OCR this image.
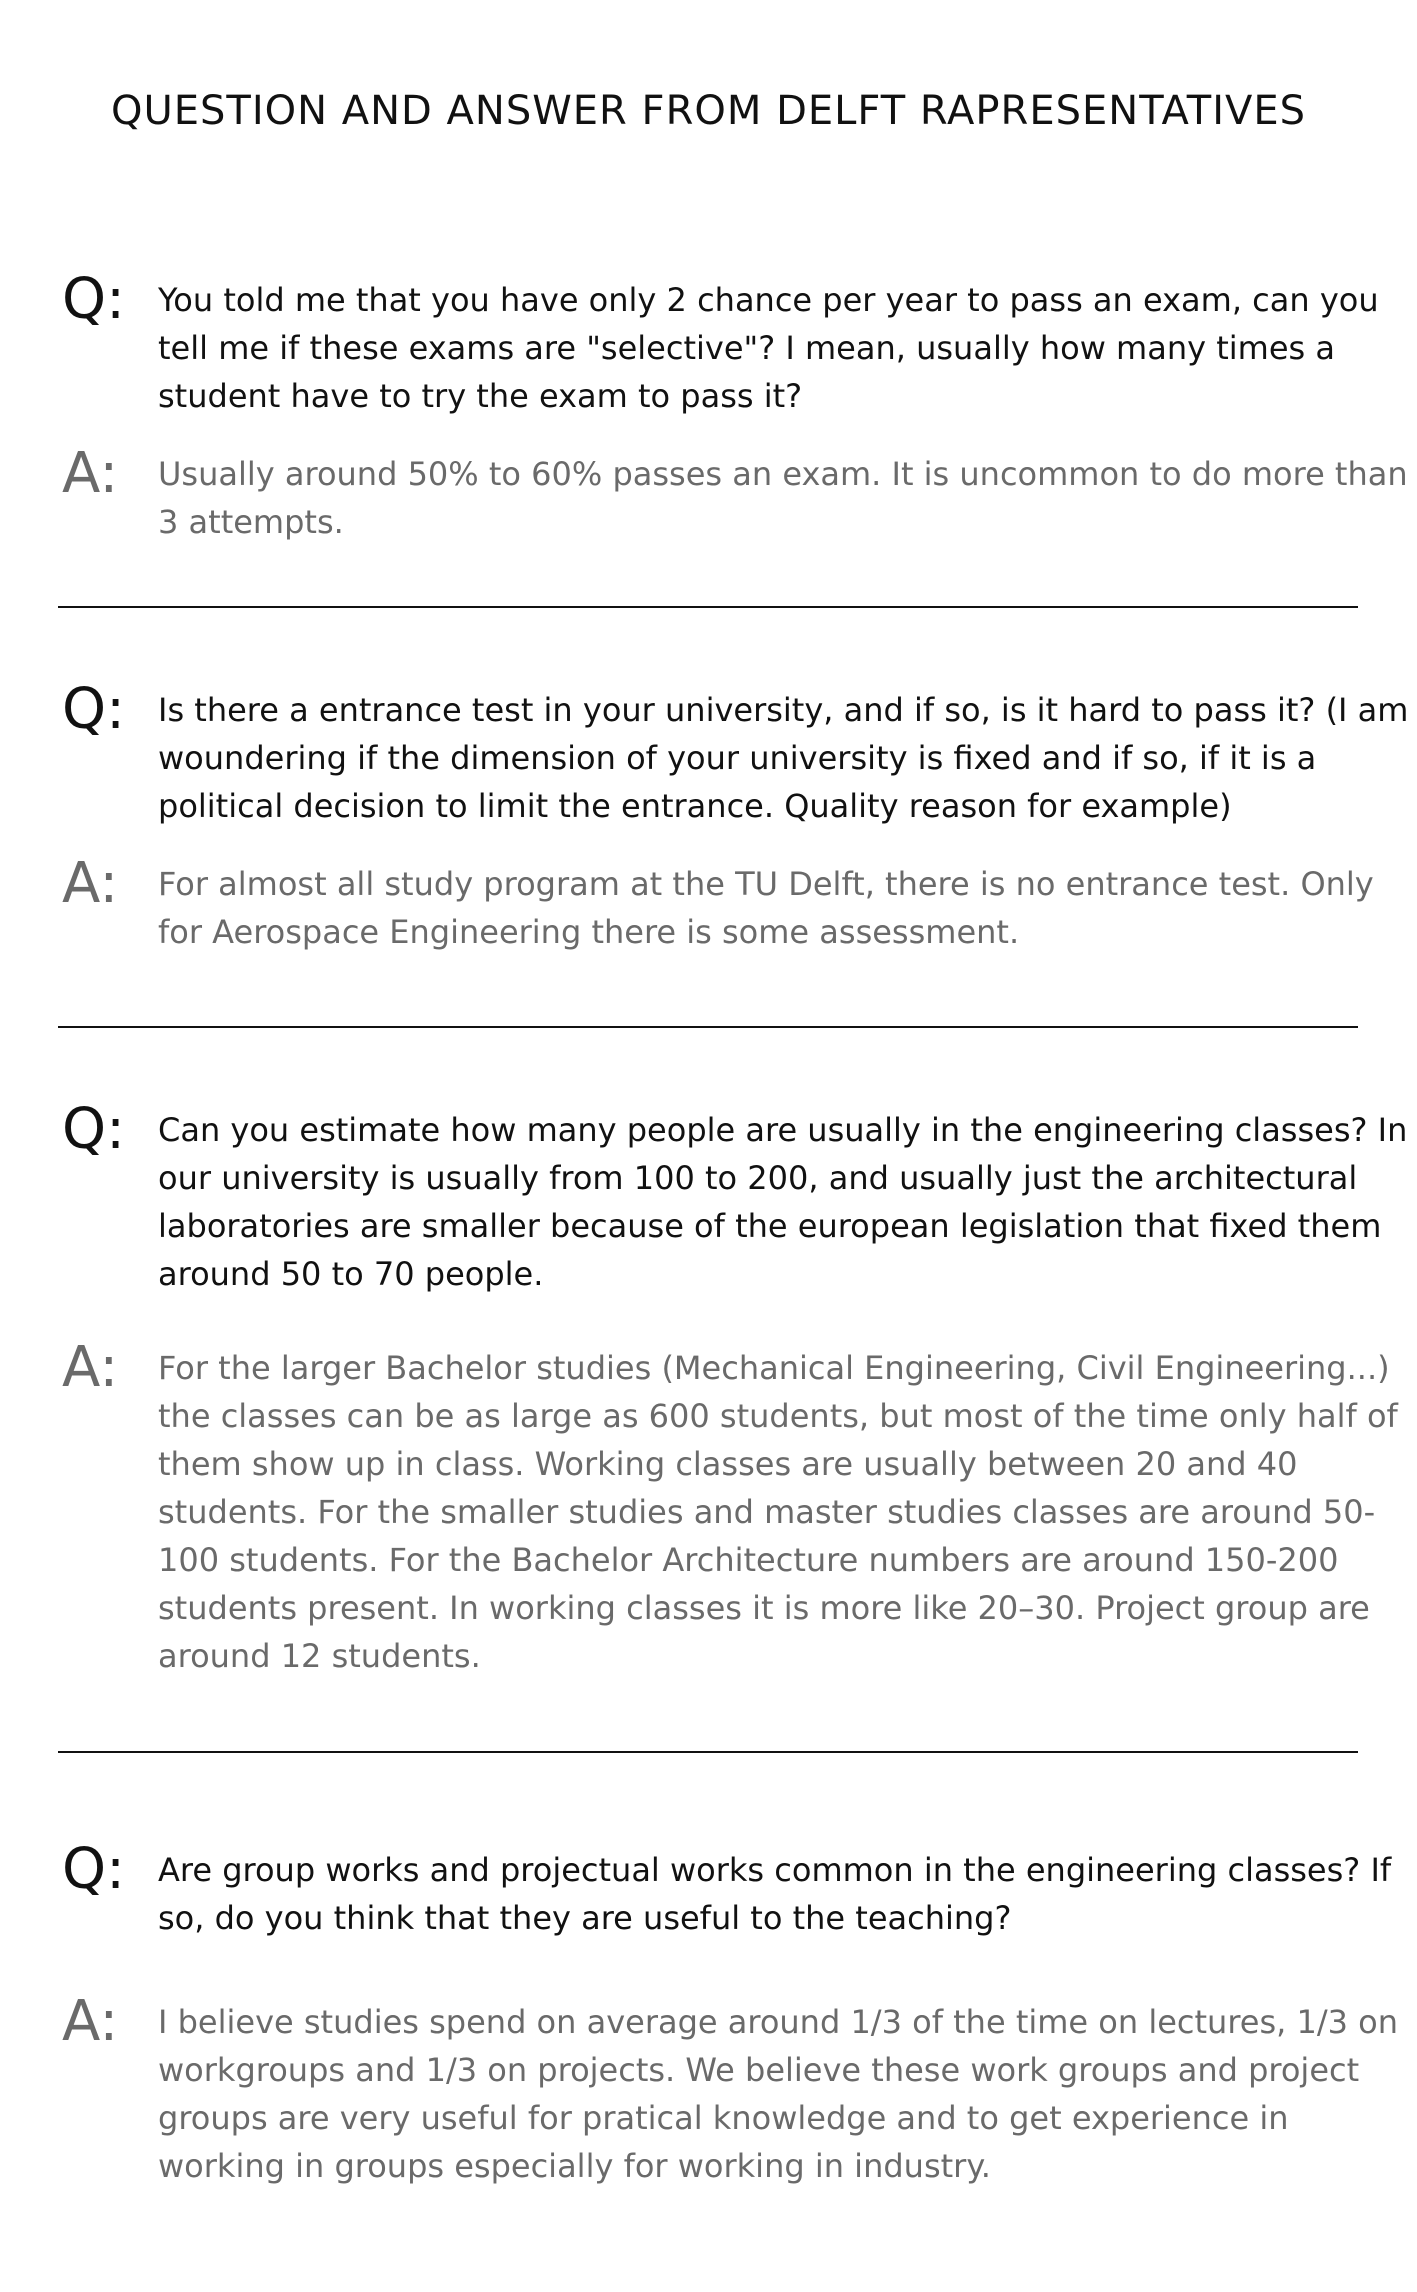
QUESTION AND ANSWER FROM DELFT RAPRESENTATIVES
Q: You told me that you have only 2 chance per year to pass an exam, can you tell me if these exams are "selective"? I mean, usually how many times a student have to try the exam to pass it?
A: Usually around 50% to 60% passes an exam. It is uncommon to do more than 3 attempts.
Q: Is there a entrance test in your university, and if so, is it hard to pass it? (I am woundering if the dimension of your university is fixed and if so, if it is a political decision to limit the entrance. Quality reason for example)
A: For almost all study program at the TU Delft, there is no entrance test. Only for Aerospace Engineering there is some assessment.
Q: Can you estimate how many people are usually in the engineering classes? In our university is usually from 100 to 200, and usually just the architectural laboratories are smaller because of the european legislation that fixed them around 50 to 70 people.
A: For the larger Bachelor studies (Mechanical Engineering, Civil Engineering...) the classes can be as large as 600 students, but most of the time only half of them show up in class. Working classes are usually between 20 and 40 students. For the smaller studies and master studies classes are around 50-100 students. For the Bachelor Architecture numbers are around 150-200 students present. In working classes it is more like 20–30. Project group are around 12 students.
Q: Are group works and projectual works common in the engineering classes? If so, do you think that they are useful to the teaching?
A: I believe studies spend on average around 1/3 of the time on lectures, 1/3 on workgroups and 1/3 on projects. We believe these work groups and project groups are very useful for pratical knowledge and to get experience in working in groups especially for working in industry.
